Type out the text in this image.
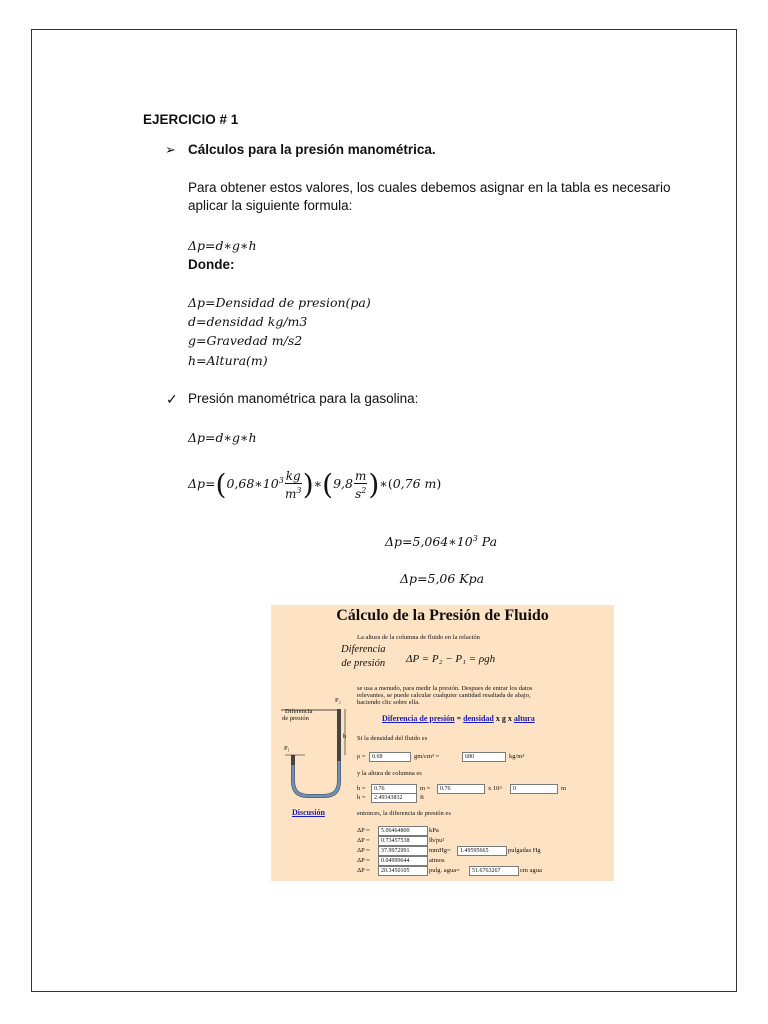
EJERCICIO # 1
➢ Cálculos para la presión manométrica.
Para obtener estos valores, los cuales debemos asignar en la tabla es necesario aplicar la siguiente formula:
Δp=d∗g∗h
Donde:
Δp=Densidad de presion(pa)
d=densidad kg/m3
g=Gravedad m/s2
h=Altura(m)
✓ Presión manométrica para la gasolina:
Δp=d∗g∗h
$\Delta p=(0,68∗10^3 \frac{kg}{m^3}$ )∗(9,8 $\frac{m}{s^2}$ )∗(0,76 m)
$\Delta p=5,064∗10^3$ Pa
Δp=5,06 Kpa
Cálculo de la Presión de Fluido
La altura de la columna de fluido en la relación
Diferencia
de presión ΔP = P₂ − P₁ = ρgh
se usa a menudo, para medir la presión. Despues de entrar los datos
relevantes, se puede calcular cualquier cantidad resaltada de abajo,
haciendo clic sobre ella.
Diferencia de presión = densidad x g x altura
Si la densidad del fluido es
ρ =	0.68	gm/cm³ =	680	kg/m³
y la altura de columna es
h =	0.76	m =	0.76	x 10^	0	m
h =	2.49343832	ft
Diferencia
de presión
P₂
P₁
h
Discusión	entonces, la diferencia de presión es
ΔP =	5.06464800	kPa
ΔP =	0.73457538	lb/pu²
ΔP =	37.9972991	mmHg=	1.49595665	pulgadas Hg
ΔP =	0.04999644	atmos
ΔP =	20.3450105	pulg. agua=	51.6763267	cm agua
